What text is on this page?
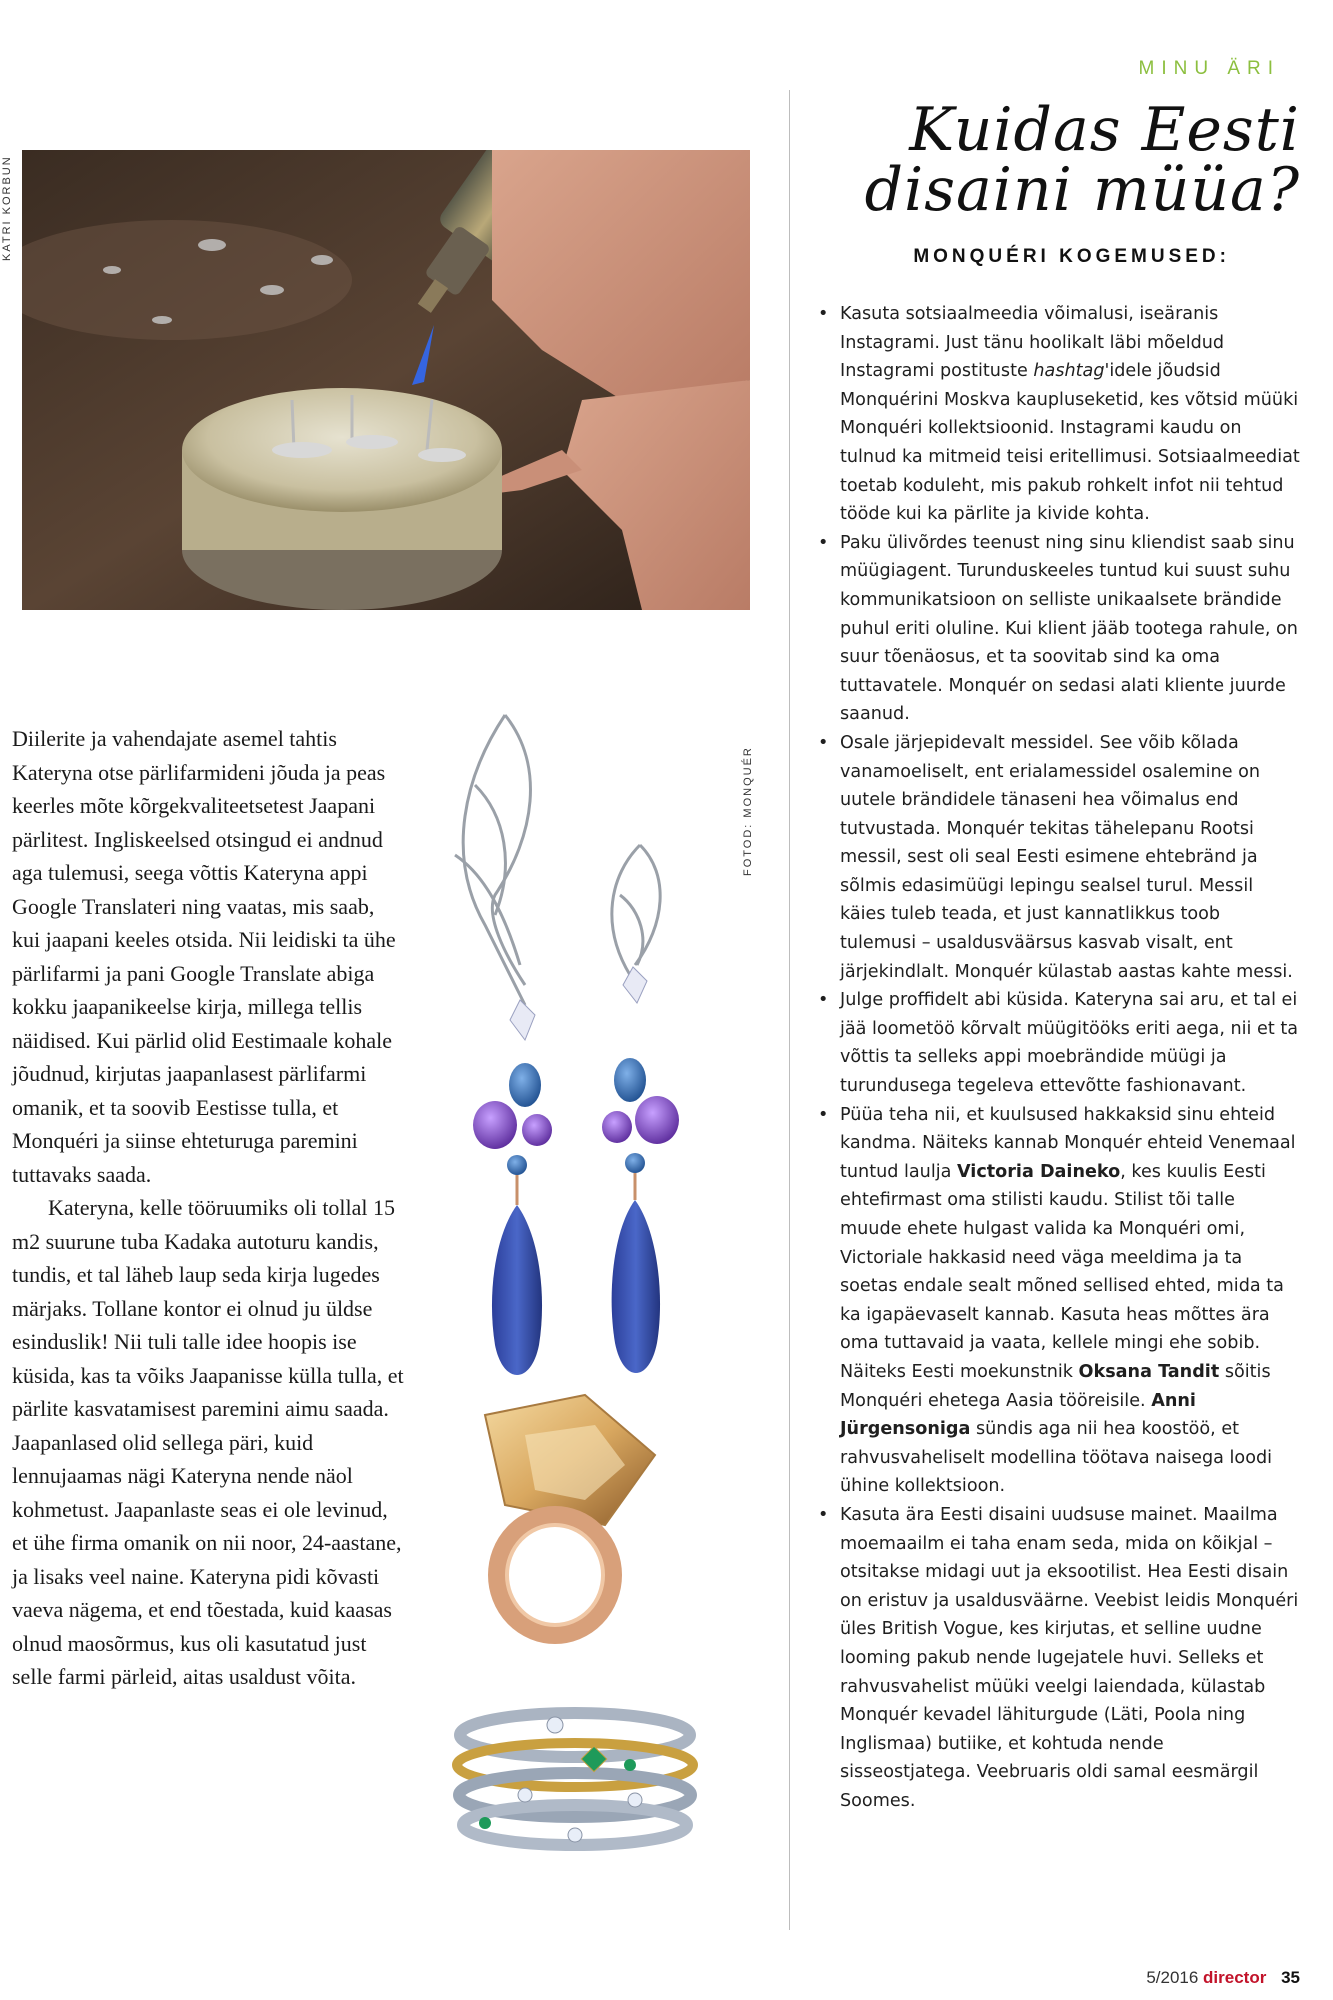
KATRI KORBUN
FOTOD: MONQUÉR
MINU ÄRI
Kuidas Eesti
disaini müüa?
MONQUÉRI KOGEMUSED:

Diilerite ja vahendajate asemel tahtis Kateryna otse pärlifarmideni jõuda ja peas keerles mõte kõrgekvaliteetsetest Jaapani pärlitest. Ingliskeelsed otsingud ei andnud aga tulemusi, seega võttis Kateryna appi Google Translateri ning vaatas, mis saab, kui jaapani keeles otsida. Nii leidiski ta ühe pärlifarmi ja pani Google Translate abiga kokku jaapanikeelse kirja, millega tellis näidised. Kui pärlid olid Eestimaale kohale jõudnud, kirjutas jaapanlasest pärlifarmi omanik, et ta soovib Eestisse tulla, et Monquéri ja siinse ehteturuga paremini tuttavaks saada.

Kateryna, kelle tööruumiks oli tollal 15 m2 suurune tuba Kadaka autoturu kandis, tundis, et tal läheb laup seda kirja lugedes märjaks. Tollane kontor ei olnud ju üldse esinduslik! Nii tuli talle idee hoopis ise küsida, kas ta võiks Jaapanisse külla tulla, et pärlite kasvatamisest paremini aimu saada. Jaapanlased olid sellega päri, kuid lennujaamas nägi Kateryna nende näol kohmetust. Jaapanlaste seas ei ole levinud, et ühe firma omanik on nii noor, 24-aastane, ja lisaks veel naine. Kateryna pidi kõvasti vaeva nägema, et end tõestada, kuid kaasas olnud maosõrmus, kus oli kasutatud just selle farmi pärleid, aitas usaldust võita.

• Kasuta sotsiaalmeedia võimalusi, iseäranis Instagrami. Just tänu hoolikalt läbi mõeldud Instagrami postituste hashtag'idele jõudsid Monquérini Moskva kaupluseketid, kes võtsid müüki Monquéri kollektsioonid. Instagrami kaudu on tulnud ka mitmeid teisi eritellimusi. Sotsiaalmeediat toetab koduleht, mis pakub rohkelt infot nii tehtud tööde kui ka pärlite ja kivide kohta.
• Paku ülivõrdes teenust ning sinu kliendist saab sinu müügiagent. Turunduskeeles tuntud kui suust suhu kommunikatsioon on selliste unikaalsete brändide puhul eriti oluline. Kui klient jääb tootega rahule, on suur tõenäosus, et ta soovitab sind ka oma tuttavatele. Monquér on sedasi alati kliente juurde saanud.
• Osale järjepidevalt messidel. See võib kõlada vanamoeliselt, ent erialamessidel osalemine on uutele brändidele tänaseni hea võimalus end tutvustada. Monquér tekitas tähelepanu Rootsi messil, sest oli seal Eesti esimene ehtebränd ja sõlmis edasimüügi lepingu sealsel turul. Messil käies tuleb teada, et just kannatlikkus toob tulemusi – usaldusväärsus kasvab visalt, ent järjekindlalt. Monquér külastab aastas kahte messi.
• Julge proffidelt abi küsida. Kateryna sai aru, et tal ei jää loometöö kõrvalt müügitööks eriti aega, nii et ta võttis ta selleks appi moebrändide müügi ja turundusega tegeleva ettevõtte fashionavant.
• Püüa teha nii, et kuulsused hakkaksid sinu ehteid kandma. Näiteks kannab Monquér ehteid Venemaal tuntud laulja Victoria Daineko, kes kuulis Eesti ehtefirmast oma stilisti kaudu. Stilist tõi talle muude ehete hulgast valida ka Monquéri omi, Victoriale hakkasid need väga meeldima ja ta soetas endale sealt mõned sellised ehted, mida ta ka igapäevaselt kannab. Kasuta heas mõttes ära oma tuttavaid ja vaata, kellele mingi ehe sobib. Näiteks Eesti moekunstnik Oksana Tandit sõitis Monquéri ehetega Aasia tööreisile. Anni Jürgensoniga sündis aga nii hea koostöö, et rahvusvaheliselt modellina töötava naisega loodi ühine kollektsioon.
• Kasuta ära Eesti disaini uudsuse mainet. Maailma moemaailm ei taha enam seda, mida on kõikjal – otsitakse midagi uut ja eksootilist. Hea Eesti disain on eristuv ja usaldusväärne. Veebist leidis Monquéri üles British Vogue, kes kirjutas, et selline uudne looming pakub nende lugejatele huvi. Selleks et rahvusvahelist müüki veelgi laiendada, külastab Monquér kevadel lähiturgude (Läti, Poola ning Inglismaa) butiike, et kohtuda nende sisseostjatega. Veebruaris oldi samal eesmärgil Soomes.
5/2016 director 35
